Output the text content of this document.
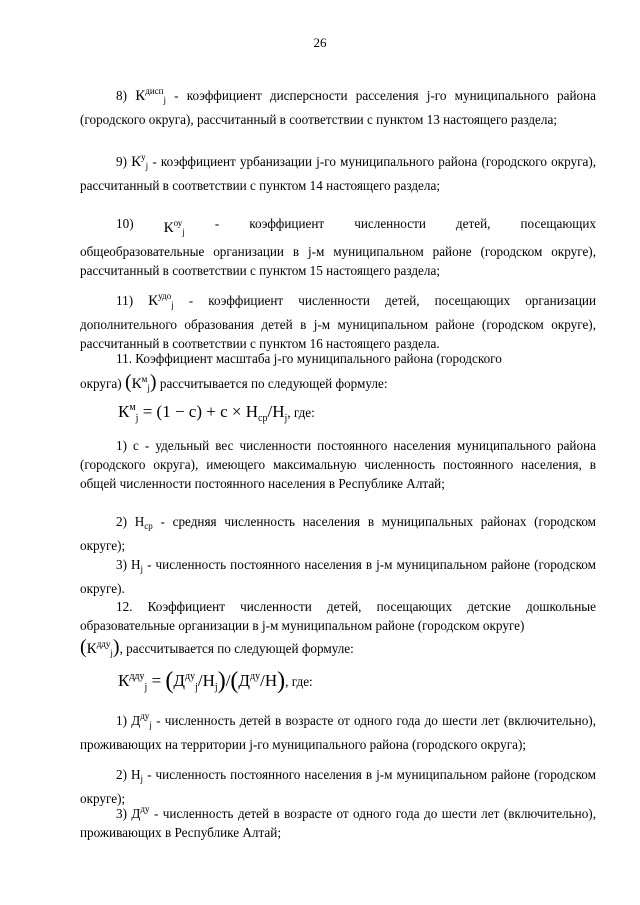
26
8) $К^{дисп}_j$ - коэффициент дисперсности расселения j-го муниципального района (городского округа), рассчитанный в соответствии с пунктом 13 настоящего раздела;
9) $К^у_j$ - коэффициент урбанизации j-го муниципального района (городского округа), рассчитанный в соответствии с пунктом 14 настоящего раздела;
10) $К^{оу}_j$
- коэффициент численности детей, посещающих
общеобразовательные организации в j-м муниципальном районе (городском округе), рассчитанный в соответствии с пунктом 15 настоящего раздела;
11) $К^{удо}_j$ - коэффициент численности детей, посещающих организации дополнительного образования детей в j-м муниципальном районе (городском округе), рассчитанный в соответствии с пунктом 16 настоящего раздела.
11. Коэффициент масштаба j-го муниципального района (городского
округа) $(К^м_j)$ рассчитывается по следующей формуле:
$К^м_j = (1 - c) + c \times Н_{ср}/Н_j$, где:
1) c - удельный вес численности постоянного населения муниципального района (городского округа), имеющего максимальную численность постоянного населения, в общей численности постоянного населения в Республике Алтай;
2) $Н_{ср}$ - средняя численность населения в муниципальных районах (городском округе);
3) $Н_j$ - численность постоянного населения в j-м муниципальном районе (городском округе).
12. Коэффициент численности детей, посещающих детские дошкольные образовательные организации в j-м муниципальном районе (городском округе)
$(К^{дду}_j)$, рассчитывается по следующей формуле:
$К^{дду}_j = (Д^{ду}_j/Н_j)/(Д^{ду}/Н)$, где:
1) $Д^{ду}_j$ - численность детей в возрасте от одного года до шести лет (включительно), проживающих на территории j-го муниципального района (городского округа);
2) $Н_j$ - численность постоянного населения в j-м муниципальном районе (городском округе);
3) $Д^{ду}$ - численность детей в возрасте от одного года до шести лет (включительно), проживающих в Республике Алтай;
